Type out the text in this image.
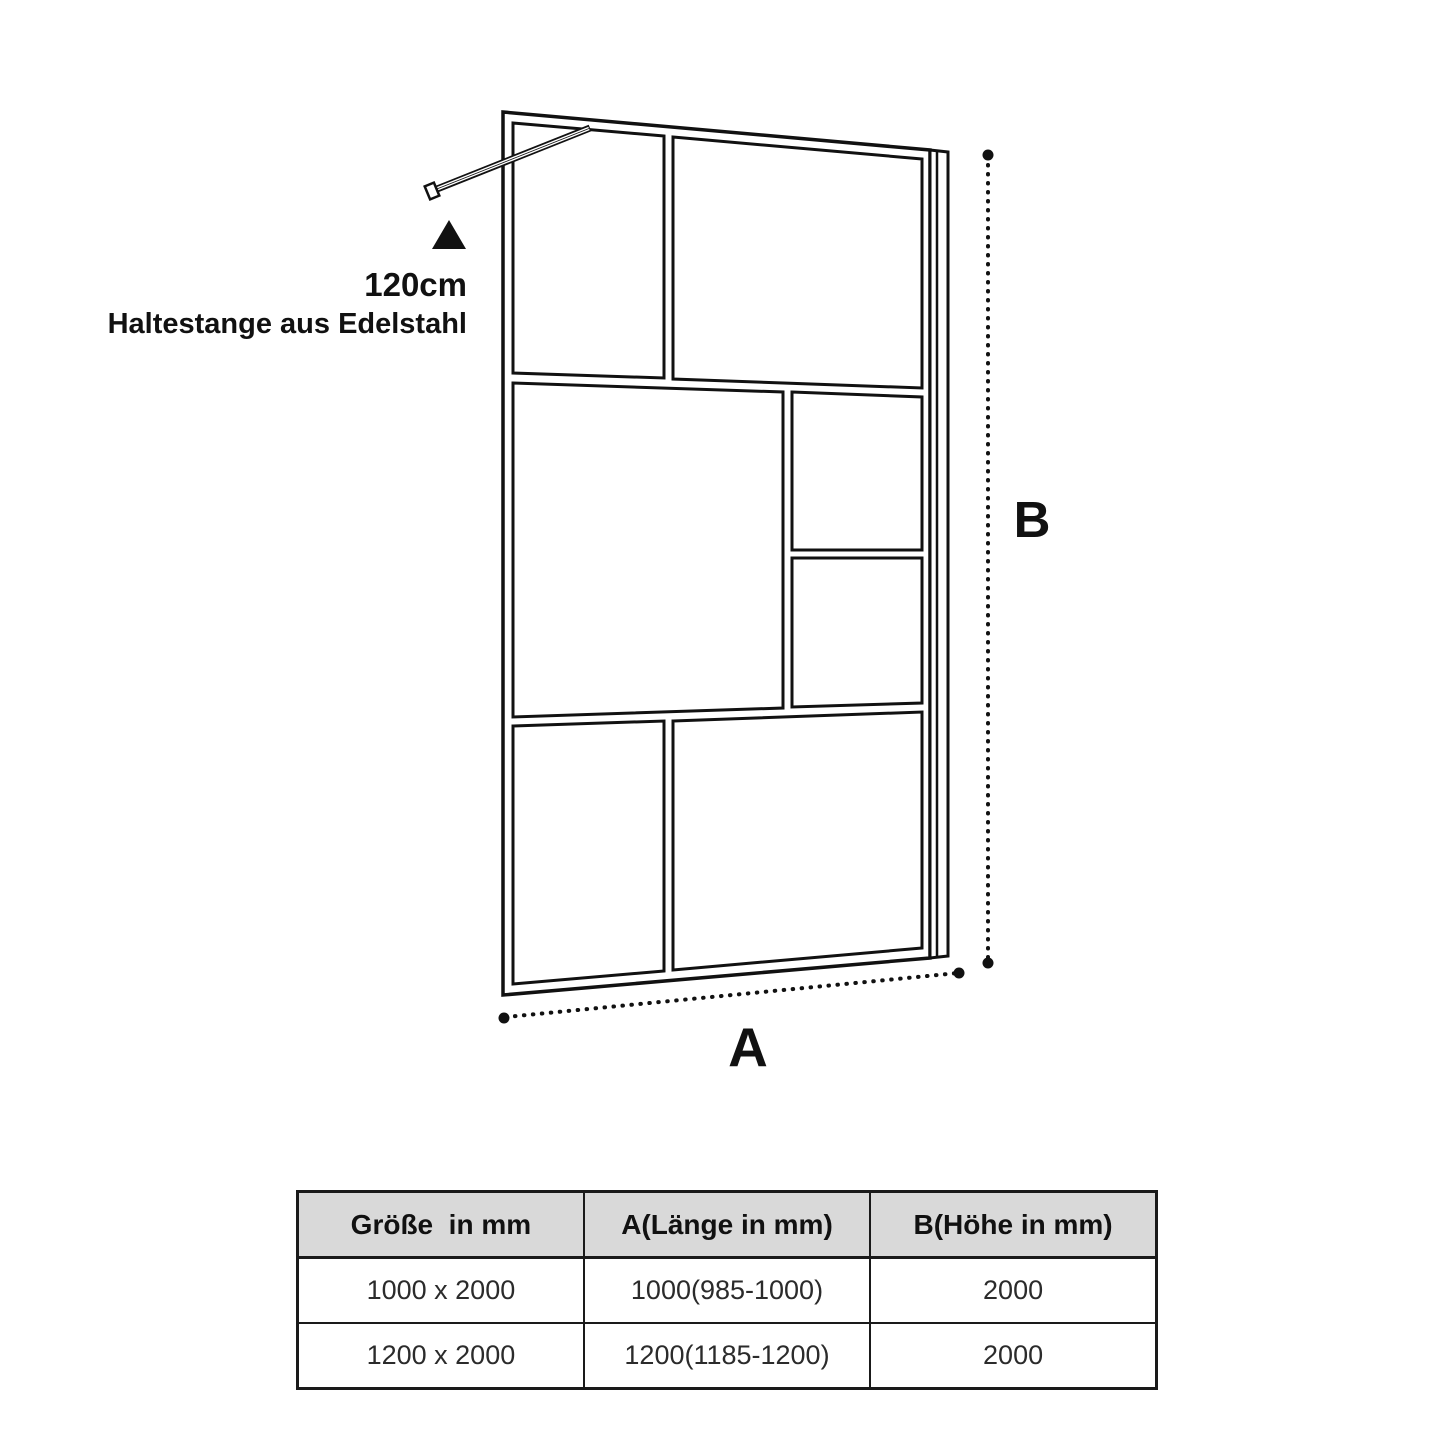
120cm
Haltestange aus Edelstahl
A
B
Größe  in mm	A(Länge in mm)	B(Höhe in mm)
1000 x 2000	1000(985-1000)	2000
1200 x 2000	1200(1185-1200)	2000
